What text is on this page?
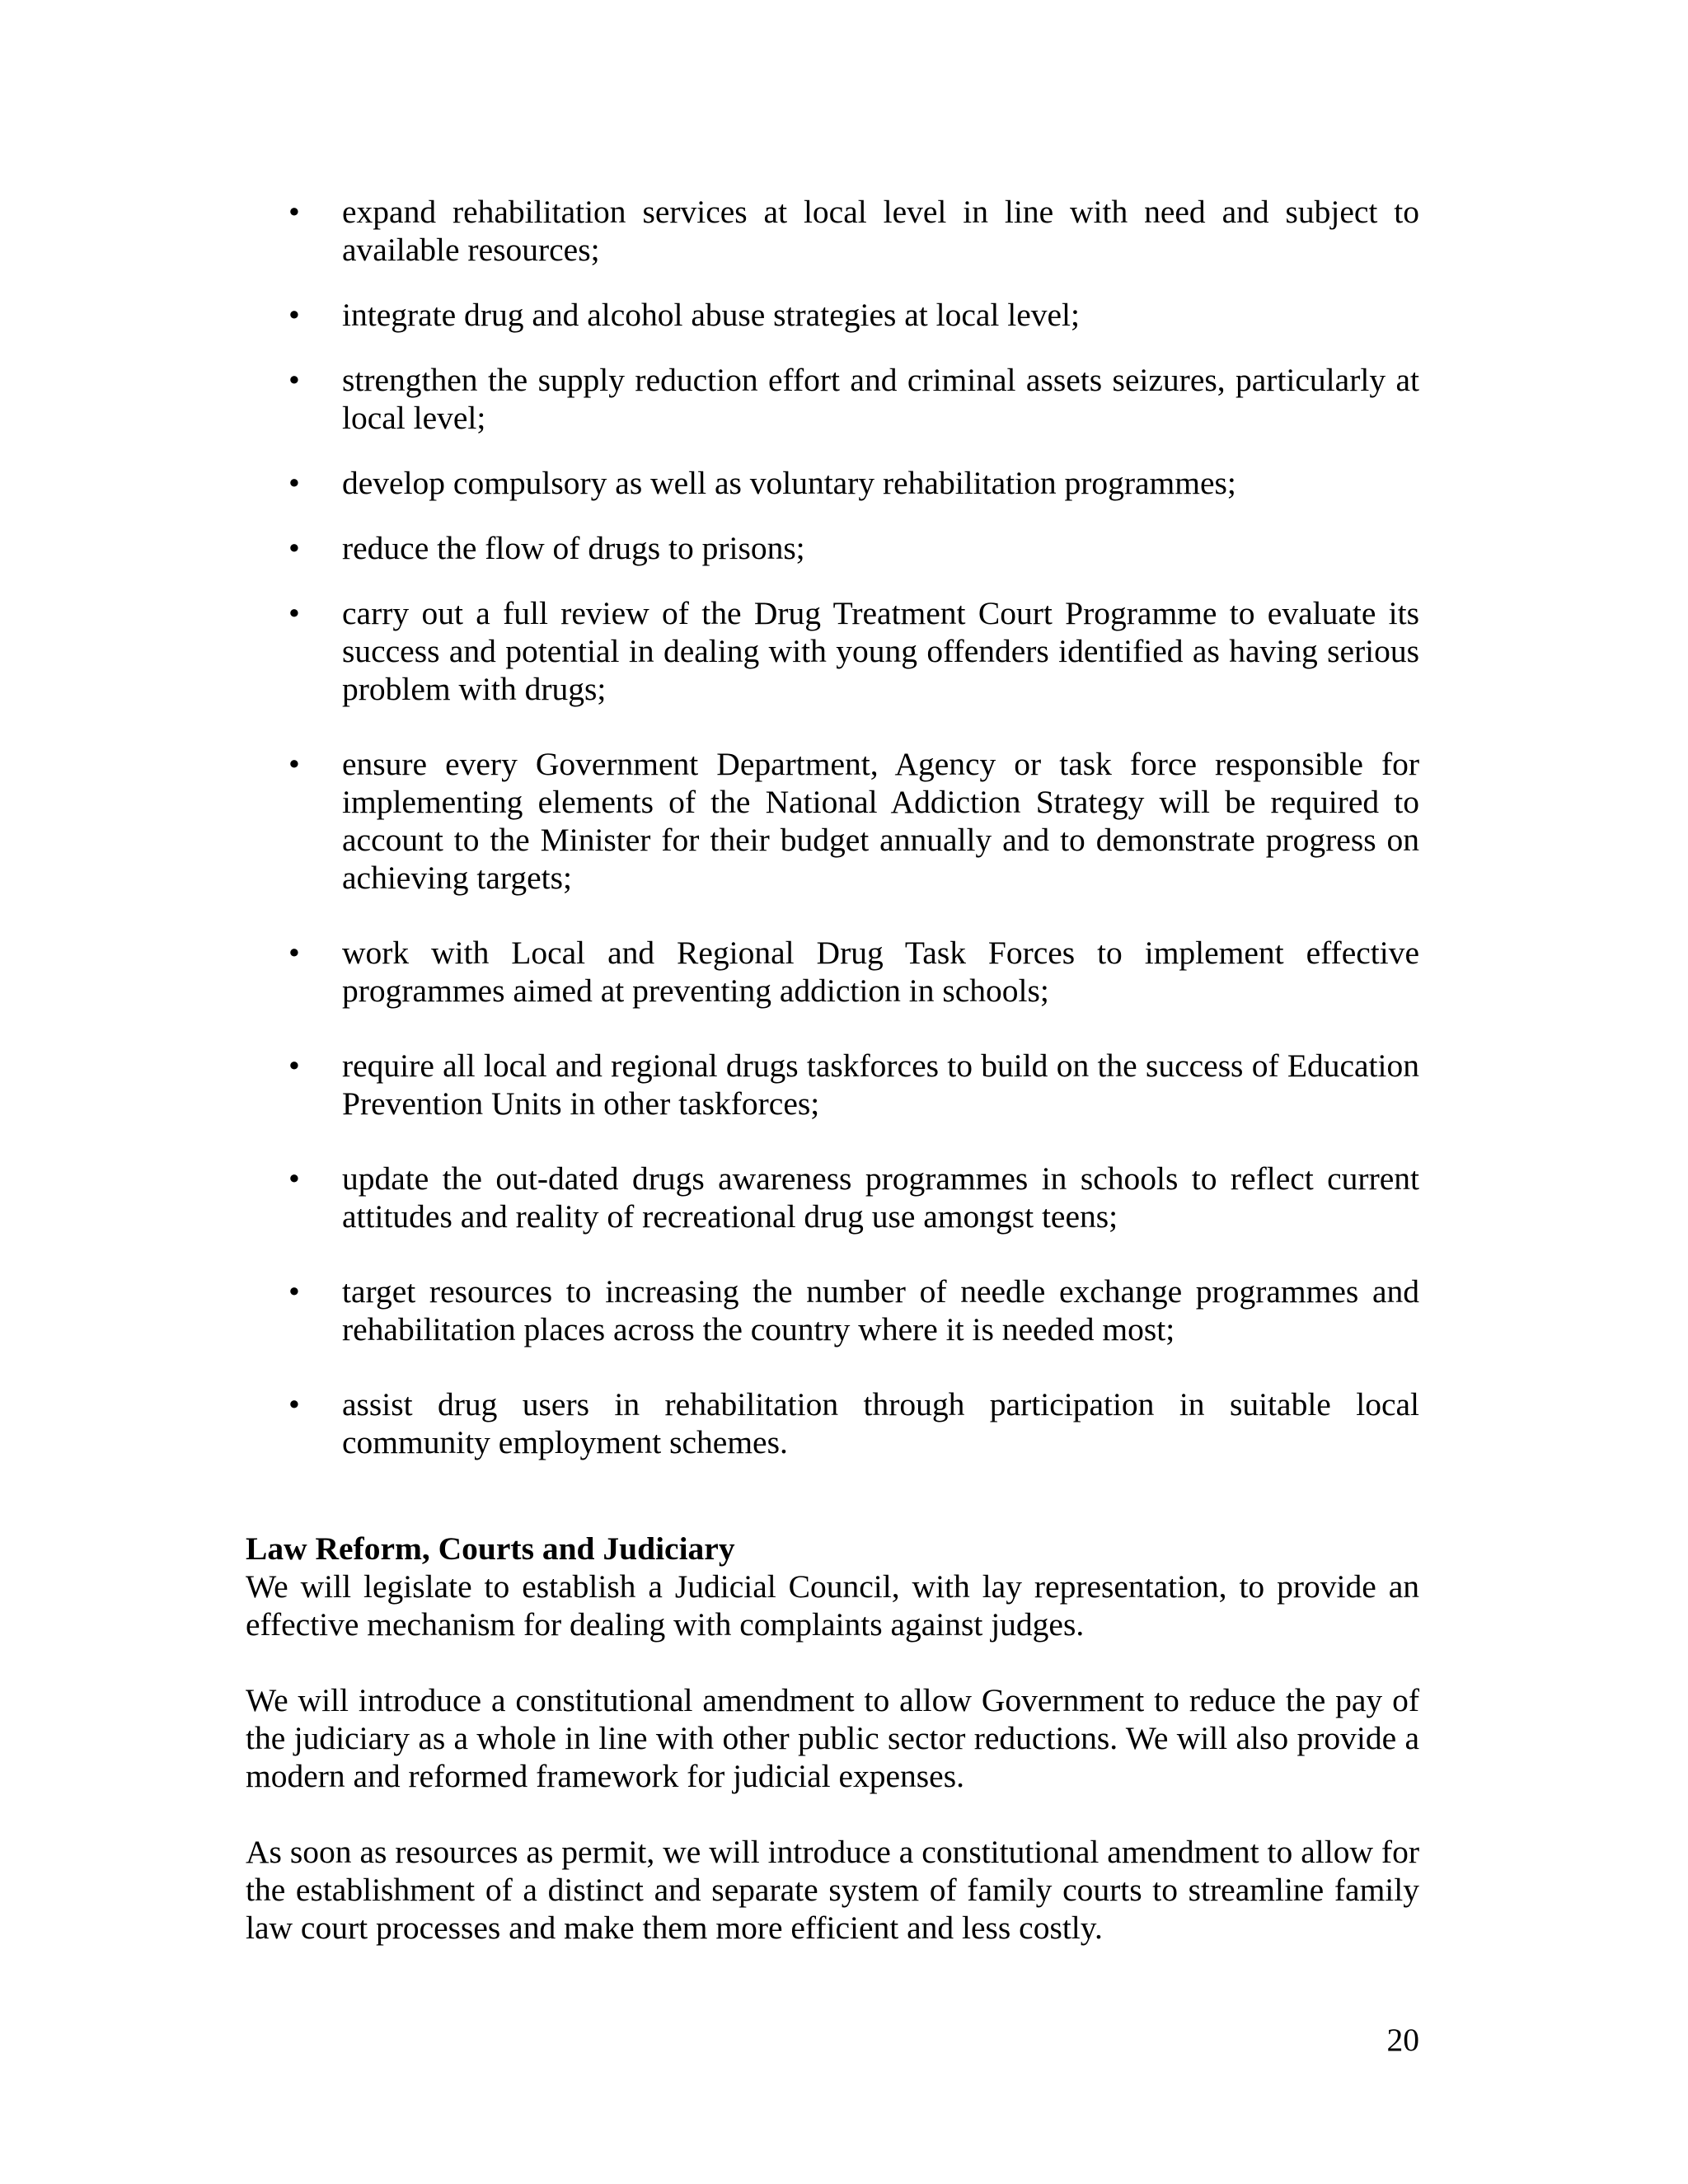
• expand rehabilitation services at local level in line with need and subject to available resources;
• integrate drug and alcohol abuse strategies at local level;
• strengthen the supply reduction effort and criminal assets seizures, particularly at local level;
• develop compulsory as well as voluntary rehabilitation programmes;
• reduce the flow of drugs to prisons;
• carry out a full review of the Drug Treatment Court Programme to evaluate its success and potential in dealing with young offenders identified as having serious problem with drugs;
• ensure every Government Department, Agency or task force responsible for implementing elements of the National Addiction Strategy will be required to account to the Minister for their budget annually and to demonstrate progress on achieving targets;
• work with Local and Regional Drug Task Forces to implement effective programmes aimed at preventing addiction in schools;
• require all local and regional drugs taskforces to build on the success of Education Prevention Units in other taskforces;
• update the out-dated drugs awareness programmes in schools to reflect current attitudes and reality of recreational drug use amongst teens;
• target resources to increasing the number of needle exchange programmes and rehabilitation places across the country where it is needed most;
• assist drug users in rehabilitation through participation in suitable local community employment schemes.
Law Reform, Courts and Judiciary

We will legislate to establish a Judicial Council, with lay representation, to provide an effective mechanism for dealing with complaints against judges.

We will introduce a constitutional amendment to allow Government to reduce the pay of the judiciary as a whole in line with other public sector reductions. We will also provide a modern and reformed framework for judicial expenses.

As soon as resources as permit, we will introduce a constitutional amendment to allow for the establishment of a distinct and separate system of family courts to streamline family law court processes and make them more efficient and less costly.

20
